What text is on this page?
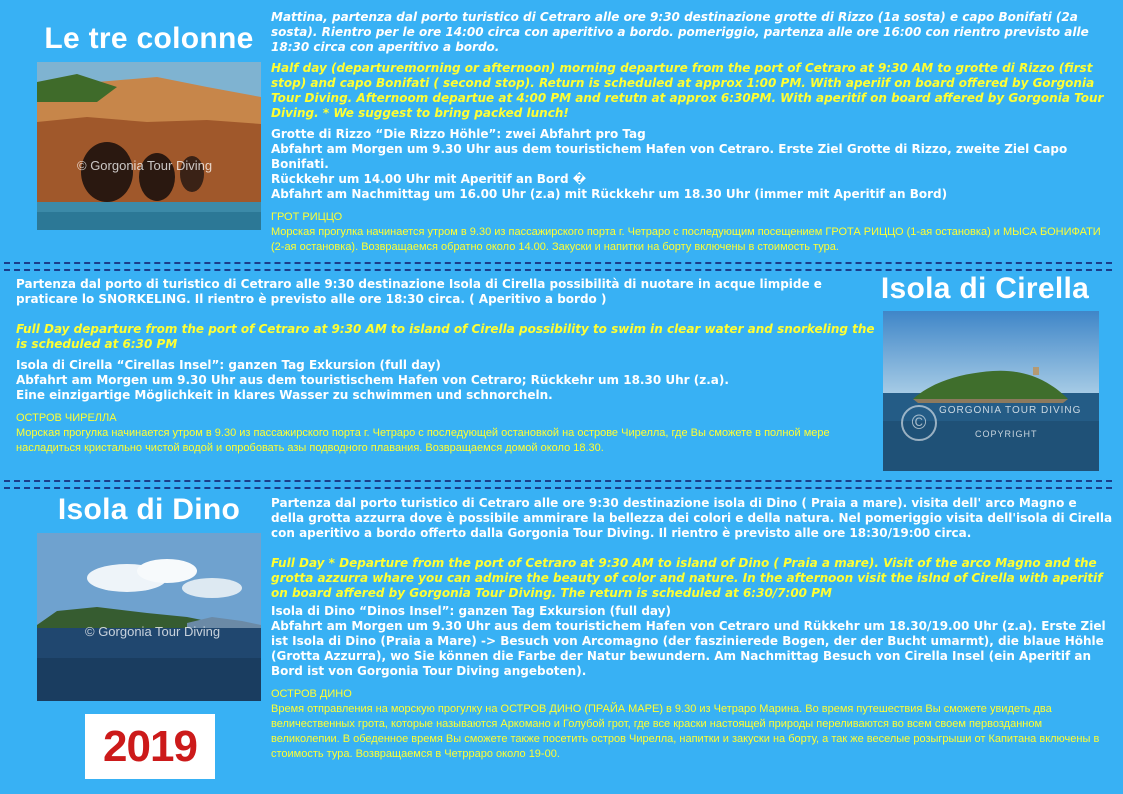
Le tre colonne
© Gorgonia Tour Diving

Mattina, partenza dal porto turistico di Cetraro alle ore 9:30 destinazione grotte di Rizzo (1a sosta) e capo Bonifati (2a sosta). Rientro per le ore 14:00 circa con aperitivo a bordo. pomeriggio, partenza alle ore 16:00 con rientro previsto alle 18:30 circa con aperitivo a bordo.

Half day (departuremorning or afternoon) morning departure from the port of Cetraro at 9:30 AM to grotte di Rizzo (first stop) and capo Bonifati ( second stop). Return is scheduled at approx 1:00 PM. With aperiif on board offered by Gorgonia Tour Diving. Afternoom departue at 4:00 PM and retutn at approx 6:30PM. With aperitif on board affered by Gorgonia Tour Diving. * We suggest to bring packed lunch!

Grotte di Rizzo “Die Rizzo Höhle”: zwei Abfahrt pro Tag
Abfahrt am Morgen um 9.30 Uhr aus dem touristichem Hafen von Cetraro. Erste Ziel Grotte di Rizzo, zweite Ziel Capo Bonifati.
Rückkehr um 14.00 Uhr mit Aperitif an Bord �
Abfahrt am Nachmittag um 16.00 Uhr (z.a) mit Rückkehr um 18.30 Uhr (immer mit Aperitif an Bord)
ГРОТ РИЦЦО
Морская прогулка начинается утром в 9.30 из пассажирского порта г. Четраро с последующим посещением ГРОТА РИЦЦО (1-ая остановка) и МЫСА БОНИФАТИ (2-ая остановка). Возвращаемся обратно около 14.00. Закуски и напитки на борту включены в стоимость тура.

Partenza dal porto di turistico di Cetraro alle 9:30 destinazione Isola di Cirella possibilità di nuotare in acque limpide e praticare lo SNORKELING. Il rientro è previsto alle ore 18:30 circa. ( Aperitivo a bordo )

Full Day departure from the port of Cetraro at 9:30 AM to island of Cirella possibility to swim in clear water and snorkeling the is scheduled at 6:30 PM

Isola di Cirella “Cirellas Insel”: ganzen Tag Exkursion (full day)
Abfahrt am Morgen um 9.30 Uhr aus dem touristischem Hafen von Cetraro; Rückkehr um 18.30 Uhr (z.a).
Eine einzigartige Möglichkeit in klares Wasser zu schwimmen und schnorcheln.
ОСТРОВ ЧИРЕЛЛА
Морская прогулка начинается утром в 9.30 из пассажирского порта г. Четраро с последующей остановкой на острове Чирелла, где Вы сможете в полной мере насладиться кристально чистой водой и опробовать азы подводного плавания. Возвращаемся домой около 18.30.
Isola di Cirella
©
GORGONIA TOUR DIVING
COPYRIGHT
Isola di Dino
© Gorgonia Tour Diving
2019

Partenza dal porto turistico di Cetraro alle ore 9:30 destinazione isola di Dino ( Praia a mare). visita dell' arco Magno e della grotta azzurra dove è possibile ammirare la bellezza dei colori e della natura. Nel pomeriggio visita dell'isola di Cirella con aperitivo a bordo offerto dalla Gorgonia Tour Diving. Il rientro è previsto alle ore 18:30/19:00 circa.

Full Day * Departure from the port of Cetraro at 9:30 AM to island of Dino ( Praia a mare). Visit of the arco Magno and the grotta azzurra whare you can admire the beauty of color and nature. In the afternoon visit the islnd of Cirella with aperitif on board affered by Gorgonia Tour Diving. The return is scheduled at 6:30/7:00 PM

Isola di Dino “Dinos Insel”: ganzen Tag Exkursion (full day)
Abfahrt am Morgen um 9.30 Uhr aus dem touristichem Hafen von Cetraro und Rükkehr um 18.30/19.00 Uhr (z.a). Erste Ziel ist Isola di Dino (Praia a Mare) -> Besuch von Arcomagno (der faszinierede Bogen, der der Bucht umarmt), die blaue Höhle (Grotta Azzurra), wo Sie können die Farbe der Natur bewundern. Am Nachmittag Besuch von Cirella Insel (ein Aperitif an Bord ist von Gorgonia Tour Diving angeboten).
ОСТРОВ ДИНО
Время отправления на морскую прогулку на ОСТРОВ ДИНО (ПРАЙА МАРЕ) в 9.30 из Четраро Марина. Во время путешествия Вы сможете увидеть два величественных грота, которые называются Аркомано и Голубой грот, где все краски настоящей природы переливаются во всем своем первозданном великолепии. В обеденное время Вы сможете также посетить остров Чирелла, напитки и закуски на борту, а так же веселые розыгрыши от Капитана включены в стоимость тура. Возвращаемся в Четрраро около 19-00.
